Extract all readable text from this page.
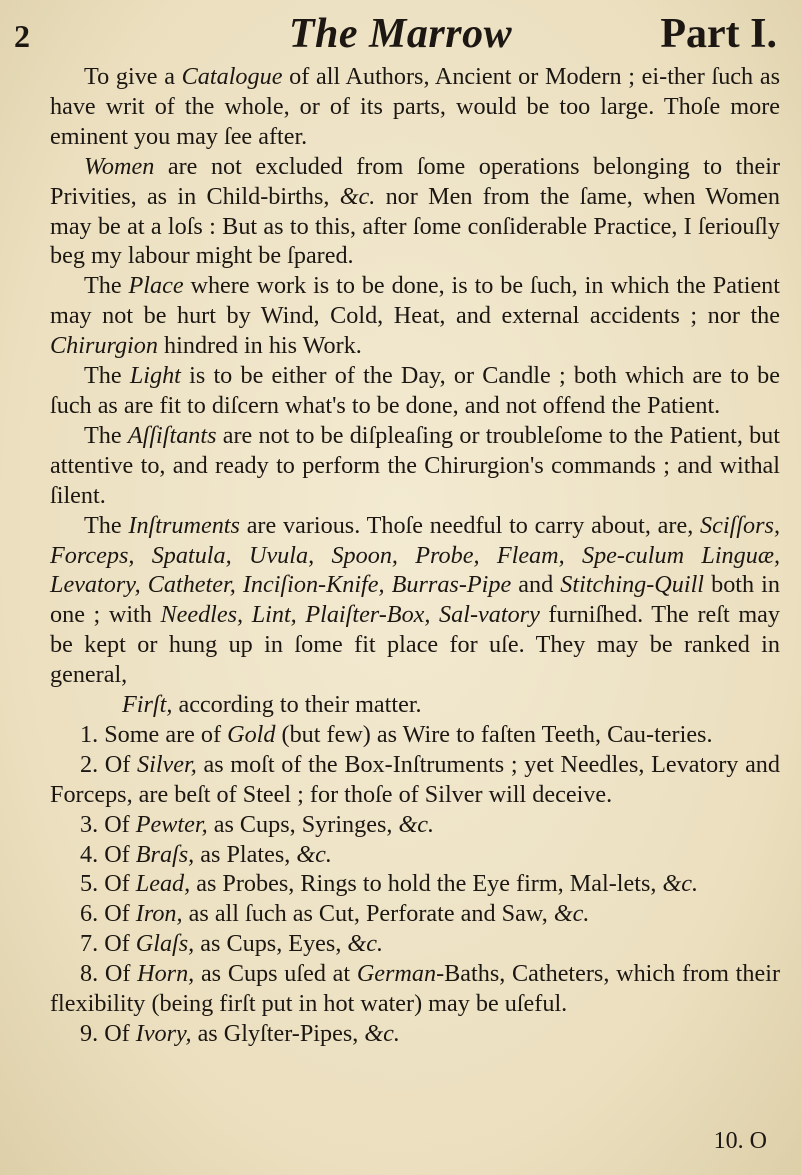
2	The Marrow	Part I.

To give a Catalogue of all Authors, Ancient or Modern ; ei-ther ſuch as have writ of the whole, or of its parts, would be too large. Thoſe more eminent you may ſee after.

Women are not excluded from ſome operations belonging to their Privities, as in Child-births, &c. nor Men from the ſame, when Women may be at a loſs : But as to this, after ſome conſiderable Practice, I ſeriouſly beg my labour might be ſpared.

The Place where work is to be done, is to be ſuch, in which the Patient may not be hurt by Wind, Cold, Heat, and external accidents ; nor the Chirurgion hindred in his Work.

The Light is to be either of the Day, or Candle ; both which are to be ſuch as are fit to diſcern what's to be done, and not offend the Patient.

The Aſſiſtants are not to be diſpleaſing or troubleſome to the Patient, but attentive to, and ready to perform the Chirurgion's commands ; and withal ſilent.

The Inſtruments are various. Thoſe needful to carry about, are, Sciſſors, Forceps, Spatula, Uvula, Spoon, Probe, Fleam, Spe-culum Linguæ, Levatory, Catheter, Inciſion-Knife, Burras-Pipe and Stitching-Quill both in one ; with Needles, Lint, Plaiſter-Box, Sal-vatory furniſhed. The reſt may be kept or hung up in ſome fit place for uſe. They may be ranked in general,

Firſt, according to their matter.

1. Some are of Gold (but few) as Wire to faſten Teeth, Cau-teries.

2. Of Silver, as moſt of the Box-Inſtruments ; yet Needles, Levatory and Forceps, are beſt of Steel ; for thoſe of Silver will deceive.

3. Of Pewter, as Cups, Syringes, &c.

4. Of Braſs, as Plates, &c.

5. Of Lead, as Probes, Rings to hold the Eye firm, Mal-lets, &c.

6. Of Iron, as all ſuch as Cut, Perforate and Saw, &c.

7. Of Glaſs, as Cups, Eyes, &c.

8. Of Horn, as Cups uſed at German-Baths, Catheters, which from their flexibility (being firſt put in hot water) may be uſeful.

9. Of Ivory, as Glyſter-Pipes, &c.

10. O
